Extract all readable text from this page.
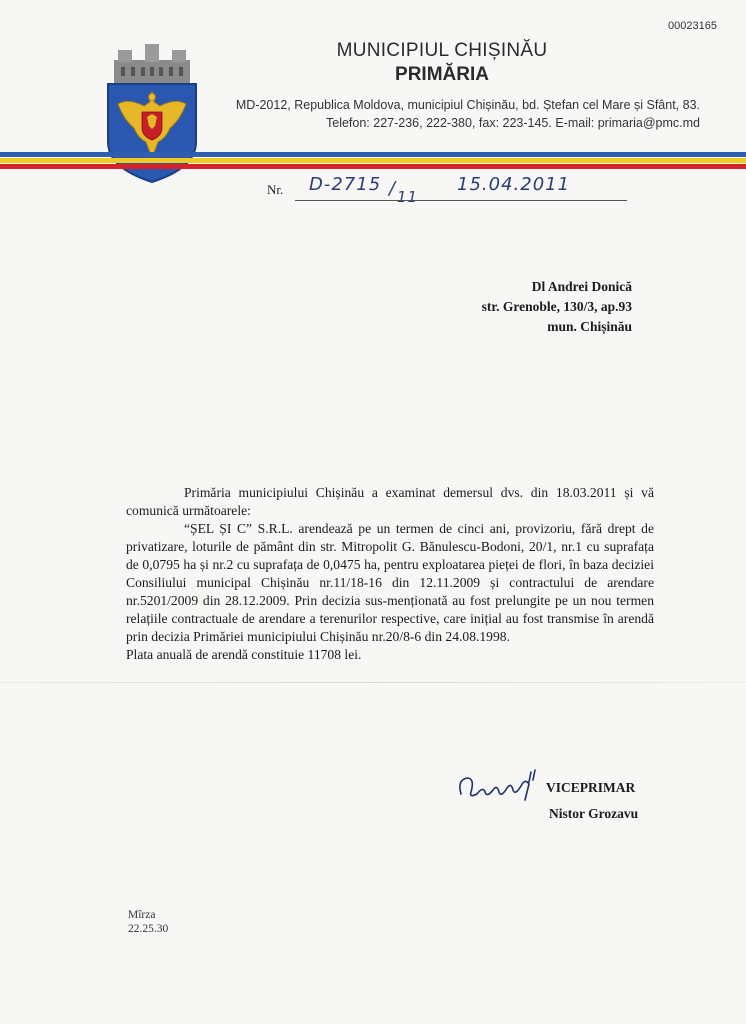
00023165
MUNICIPIUL CHIȘINĂU
PRIMĂRIA
MD-2012, Republica Moldova, municipiul Chișinău, bd. Ștefan cel Mare și Sfânt, 83.
Telefon: 227-236, 222-380, fax: 223-145. E-mail: primaria@pmc.md
Nr. D-2715 / 11
15.04.2011
Dl Andrei Donică
str. Grenoble, 130/3, ap.93
mun. Chișinău

Primăria municipiului Chișinău a examinat demersul dvs. din 18.03.2011 și vă comunică următoarele:

“ȘEL ȘI C” S.R.L. arendează pe un termen de cinci ani, provizoriu, fără drept de privatizare, loturile de pământ din str. Mitropolit G. Bănulescu-Bodoni, 20/1, nr.1 cu suprafața de 0,0795 ha și nr.2 cu suprafața de 0,0475 ha, pentru exploatarea pieței de flori, în baza deciziei Consiliului municipal Chișinău nr.11/18-16 din 12.11.2009 și contractului de arendare nr.5201/2009 din 28.12.2009. Prin decizia sus-menționată au fost prelungite pe un nou termen relațiile contractuale de arendare a terenurilor respective, care inițial au fost transmise în arendă prin decizia Primăriei municipiului Chișinău nr.20/8-6 din 24.08.1998.

Plata anuală de arendă constituie 11708 lei.

VICEPRIMAR
Nistor Grozavu
Mîrza
22.25.30
